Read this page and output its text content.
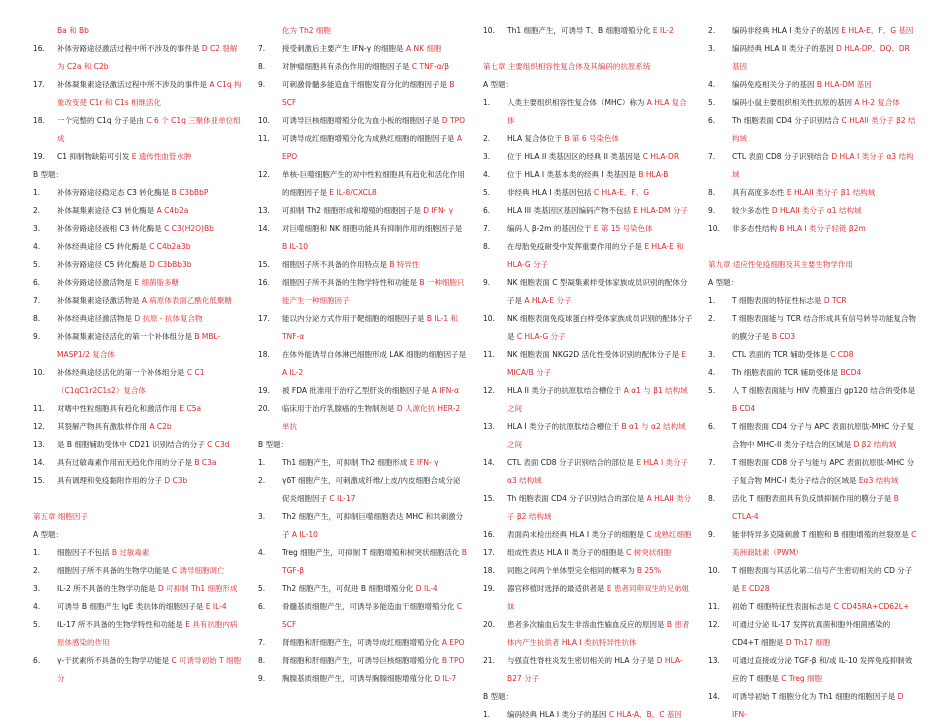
Ba 和 Bb
16.	补体旁路途径激活过程中所不涉及的事件是 D C2 裂解为 C2a 和 C2b
17.	补体凝集素途径激活过程中所不涉及的事件是 A C1q 构象改变使 C1r 和 C1s 相继活化
18.	一个完整的 C1q 分子是由 C 6 个 C1q 三聚体亚单位组成
19.	C1 抑制物缺陷可引发 E 遗传性血管水肿
B 型题：
1.	补体旁路途径稳定态 C3 转化酶是 B C3bBbP
2.	补体凝集素途径 C3 转化酶是 A C4b2a
3.	补体旁路途径液相 C3 转化酶是 C C3(H2O)Bb
4.	补体经典途径 C5 转化酶是 C C4b2a3b
5.	补体旁路途径 C5 转化酶是 D C3bBb3b
6.	补体旁路途径激活物是 E 细菌脂多糖
7.	补体凝集素途径激活物是 A 病原体表面乙酰化低聚糖
8.	补体经典途径激活物是 D 抗原 - 抗体复合物
9.	补体凝集素途径活化的第一个补体组分是 B MBL-MASP1/2 复合体
10.	补体经典途径活化的第一个补体组分是 C C1（C1qC1r2C1s2）复合体
11.	对嗜中性粒细胞具有趋化和激活作用 E C5a
12.	其裂解产物具有激肽样作用 A C2b
13.	是 B 细胞辅助受体中 CD21 识别结合的分子 C C3d
14.	具有过敏毒素作用而无趋化作用的分子是 B C3a
15.	具有调理和免疫黏附作用的分子 D C3b
第五章 细胞因子
A 型题：
1.	细胞因子不包括 B 过敏毒素
2.	细胞因子所不具备的生物学功能是 C 诱导细胞调亡
3.	IL-2 所不具备的生物学功能是 D 可抑制 Th1 细胞形成
4.	可诱导 B 细胞产生 IgE 类抗体的细胞因子是 E IL-4
5.	IL-17 所不具备的生物学特性和功能是 E 具有抗胞内病原体感染的作用
6.	γ-干扰素所不具备的生物学功能是 C 可诱导初始 T 细胞分
化为 Th2 细胞
7.	接受刺激后主要产生 IFN-γ 的细胞是 A NK 细胞
8.	对肿瘤细胞具有杀伤作用的细胞因子是 C TNF-α/β
9.	可刺激骨髓多能造血干细胞发育分化的细胞因子是 B SCF
10.	可诱导巨核细胞增殖分化为血小板的细胞因子是 D TPO
11.	可诱导成红细胞增殖分化为成熟红细胞的细胞因子是 A EPO
12.	单核-巨噬细胞产生的对中性粒细胞具有趋化和活化作用的细胞因子是 E IL-8/CXCL8
13.	可抑制 Th2 细胞形成和增殖的细胞因子是 D IFN- γ
14.	对巨噬细胞和 NK 细胞功能具有抑制作用的细胞因子是 B IL-10
15.	细胞因子所不具备的作用特点是 B 特异性
16.	细胞因子所不具备的生物学特性和功能是 B 一种细胞只能产生一种细胞因子
17.	能以内分泌方式作用于靶细胞的细胞因子是 B IL-1 和 TNF-α
18.	在体外能诱导自体淋巴细胞形成 LAK 细胞的细胞因子是 A IL-2
19.	被 FDA 批准用于治疗乙型肝炎的细胞因子是 A IFN-α
20.	临床用于治疗乳腺癌的生物制剂是 D 人源化抗 HER-2 单抗
B 型题：
1.	Th1 细胞产生，可抑制 Th2 细胞形成 E IFN- γ
2.	γδT 细胞产生，可刺激成纤维/上皮/内皮细胞合成分泌促炎细胞因子 C IL-17
3.	Th2 细胞产生，可抑制巨噬细胞表达 MHC 和共刺激分子 A IL-10
4.	Treg 细胞产生，可抑制 T 细胞增殖和树突状细胞活化 B TGF-β
5.	Th2 细胞产生，可促进 B 细胞增殖分化 D IL-4
6.	骨髓基质细胞产生，可诱导多能造血干细胞增殖分化 C SCF
7.	肾细胞和肝细胞产生，可诱导成红细胞增殖分化 A EPO
8.	肾细胞和肝细胞产生，可诱导巨核细胞增殖分化 B TPO
9.	胸腺基质细胞产生，可诱导胸腺细胞增殖分化 D IL-7
10.	Th1 细胞产生，可诱导 T、B 细胞增殖分化 E IL-2
第七章 主要组织相容性复合体及其编码的抗原系统
A 型题：
1.	人类主要组织相容性复合体（MHC）称为 A HLA 复合体
2.	HLA 复合体位于 B 第 6 号染色体
3.	位于 HLA II 类基因区的经典 II 类基因是 C HLA-DR
4.	位于 HLA I 类基本类的经典 I 类基因是 B HLA-B
5.	非经典 HLA I 类基因包括 C HLA-E、F、G
6.	HLA III 类基因区基因编码产物不包括 E HLA-DM 分子
7.	编码人 β-2m 的基因位于 E 第 15 号染色体
8.	在母胎免疫耐受中发挥重要作用的分子是 E HLA-E 和 HLA-G 分子
9.	NK 细胞表面 C 型凝集素样受体家族成员识别的配体分子是 A HLA-E 分子
10.	NK 细胞表面免疫球蛋白样受体家族成员识别的配体分子是 C HLA-G 分子
11.	NK 细胞表面 NKG2D 活化性受体识别的配体分子是 E MICA/B 分子
12.	HLA II 类分子的抗原肽结合槽位于 A α1 与 β1 结构域之间
13.	HLA I 类分子的抗原肽结合槽位于 B α1 与 α2 结构域之间
14.	CTL 表面 CD8 分子识别结合的部位是 E HLA I 类分子 α3 结构域
15.	Th 细胞表面 CD4 分子识别结合的部位是 A HLAII 类分子 β2 结构域
16.	表面尚未检出经典 HLA I 类分子的细胞是 C 成熟红细胞
17.	组成性表达 HLA II 类分子的细胞是 C 树突状细胞
18.	同胞之间两个单体型完全相同的概率为 B 25%
19.	器官移植时选择的最适供者是 E 患者同卵双生的兄弟姐妹
20.	患者多次输血后发生非溶血性输血反应的原因是 B 患者体内产生抗供者 HLA I 类抗特异性抗体
21.	与强直性脊柱炎发生密切相关的 HLA 分子是 D HLA-B27 分子
B 型题：
1.	编码经典 HLA I 类分子的基因 C HLA-A、B、C 基因
2.	编码非经典 HLA I 类分子的基因 E HLA-E、F、G 基因
3.	编码经典 HLA II 类分子的基因 D HLA-DP、DQ、DR 基因
4.	编码免疫相关分子的基因 B HLA-DM 基因
5.	编码小鼠主要组织相关性抗原的基因 A H-2 复合体
6.	Th 细胞表面 CD4 分子识别结合 C HLAII 类分子 β2 结构域
7.	CTL 表面 CD8 分子识别结合 D HLA I 类分子 α3 结构域
8.	具有高度多态性 E HLAII 类分子 β1 结构域
9.	较少多态性 D HLAII 类分子 α1 结构域
10.	非多态性结构 B HLA I 类分子轻链 β2m
第九章 适应性免疫细胞及其主要生物学作用
A 型题：
1.	T 细胞表面的特征性标志是 D TCR
2.	T 细胞表面能与 TCR 结合形成具有信号转导功能复合物的膜分子是 B CD3
3.	CTL 表面的 TCR 辅助受体是 C CD8
4.	Th 细胞表面的 TCR 辅助受体是 BCD4
5.	人 T 细胞表面能与 HIV 壳膜蛋白 gp120 结合的受体是 B CD4
6.	T 细胞表面 CD4 分子与 APC 表面抗原肽-MHC 分子复合物中 MHC-II 类分子结合的区域是 D β2 结构域
7.	T 细胞表面 CD8 分子与能与 APC 表面抗原肽-MHC 分子复合物 MHC-I 类分子结合的区域是 Eα3 结构域
8.	活化 T 细胞表面具有负反馈抑制作用的膜分子是 B CTLA-4
9.	能非特异多克隆刺激 T 细胞和 B 细胞增殖的丝裂原是 C 美洲商陆素（PWM）
10.	T 细胞表面与其活化第二信号产生密切相关的 CD 分子是 E CD28
11.	初始 T 细胞特征性表面标志是 C CD45RA+CD62L+
12.	可通过分泌 IL-17 发挥抗真菌和胞外细菌感染的 CD4+T 细胞是 D Th17 细胞
13.	可通过直接或分泌 TGF-β 和/或 IL-10 发挥免疫抑制效应的 T 细胞是 C Treg 细胞
14.	可诱导初始 T 细胞分化为 Th1 细胞的细胞因子是 D IFN-
